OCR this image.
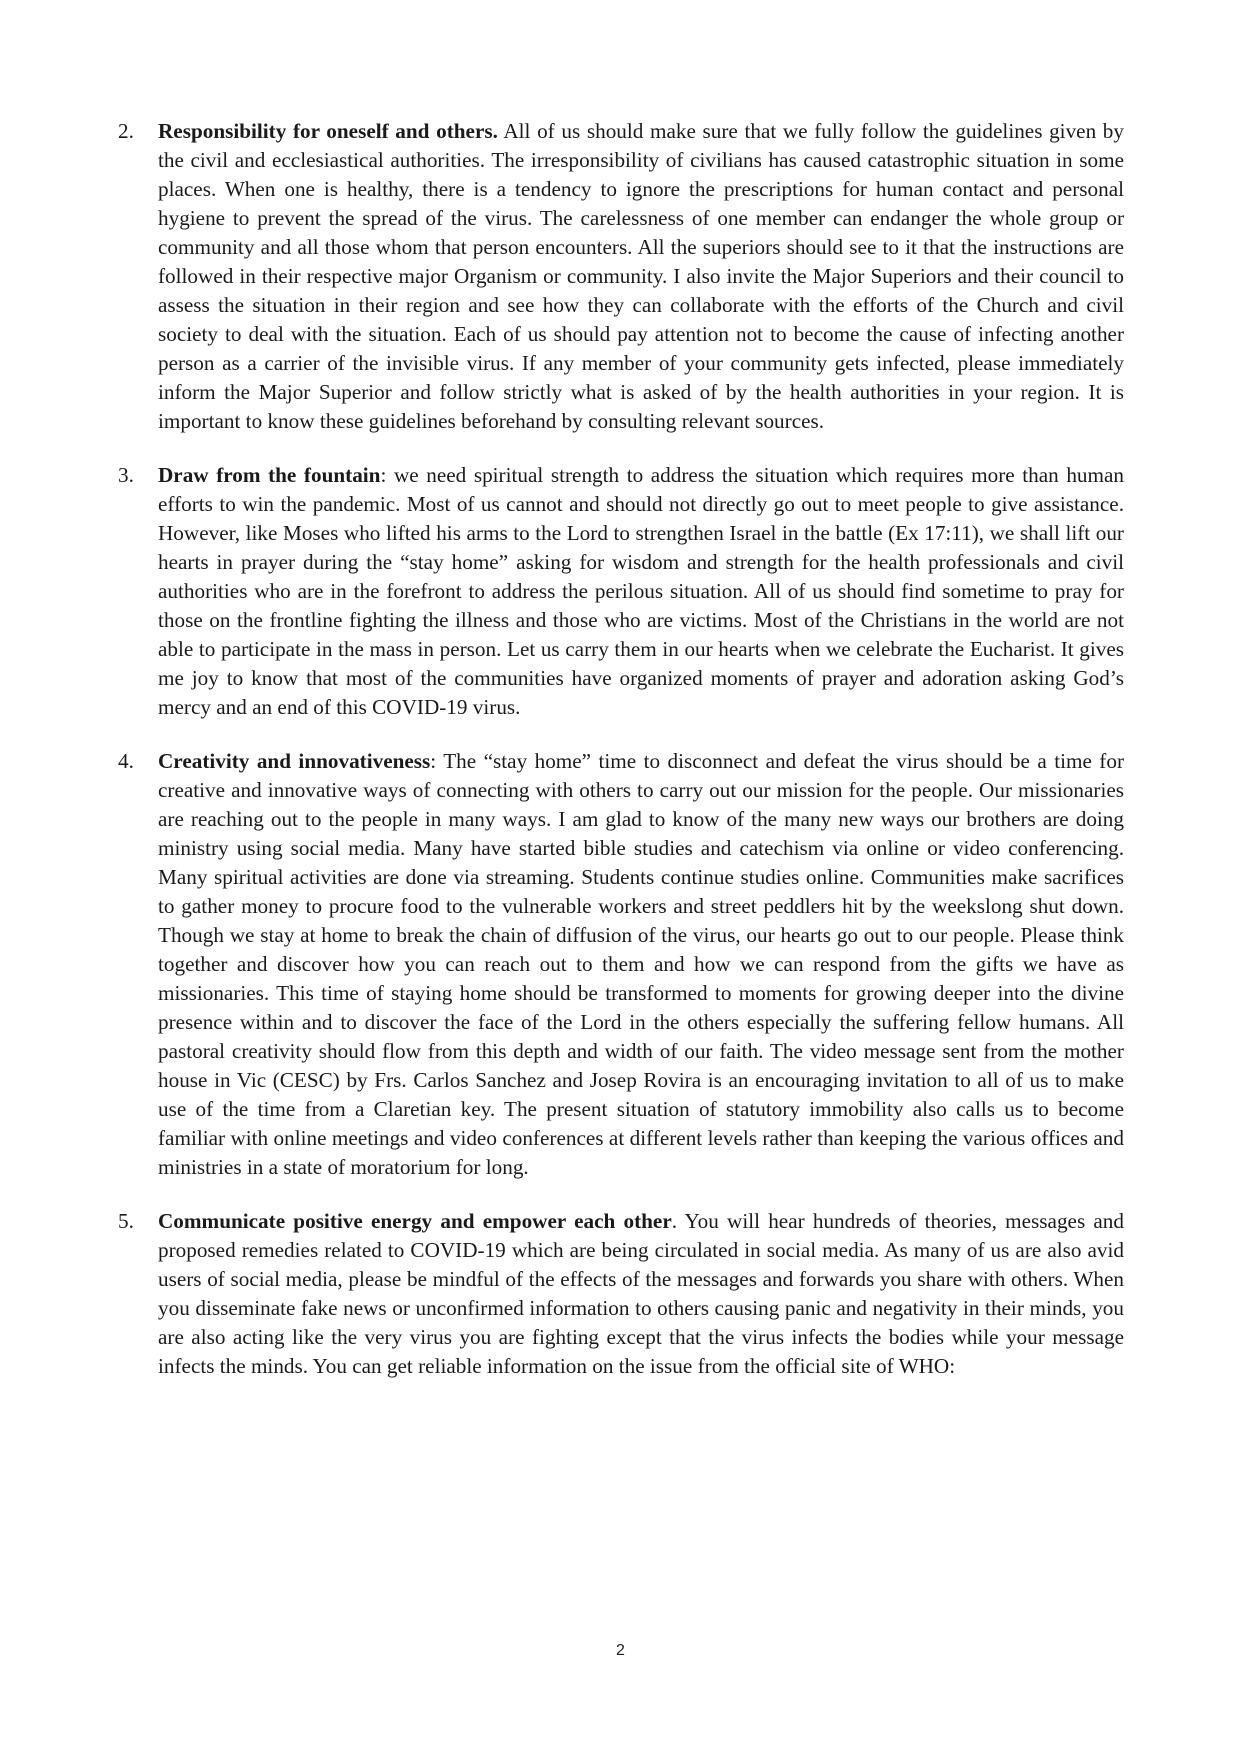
2. Responsibility for oneself and others. All of us should make sure that we fully follow the guidelines given by the civil and ecclesiastical authorities. The irresponsibility of civilians has caused catastrophic situation in some places. When one is healthy, there is a tendency to ignore the prescriptions for human contact and personal hygiene to prevent the spread of the virus. The carelessness of one member can endanger the whole group or community and all those whom that person encounters. All the superiors should see to it that the instructions are followed in their respective major Organism or community. I also invite the Major Superiors and their council to assess the situation in their region and see how they can collaborate with the efforts of the Church and civil society to deal with the situation. Each of us should pay attention not to become the cause of infecting another person as a carrier of the invisible virus. If any member of your community gets infected, please immediately inform the Major Superior and follow strictly what is asked of by the health authorities in your region. It is important to know these guidelines beforehand by consulting relevant sources.
3. Draw from the fountain: we need spiritual strength to address the situation which requires more than human efforts to win the pandemic. Most of us cannot and should not directly go out to meet people to give assistance. However, like Moses who lifted his arms to the Lord to strengthen Israel in the battle (Ex 17:11), we shall lift our hearts in prayer during the “stay home” asking for wisdom and strength for the health professionals and civil authorities who are in the forefront to address the perilous situation. All of us should find sometime to pray for those on the frontline fighting the illness and those who are victims. Most of the Christians in the world are not able to participate in the mass in person. Let us carry them in our hearts when we celebrate the Eucharist. It gives me joy to know that most of the communities have organized moments of prayer and adoration asking God’s mercy and an end of this COVID-19 virus.
4. Creativity and innovativeness: The “stay home” time to disconnect and defeat the virus should be a time for creative and innovative ways of connecting with others to carry out our mission for the people. Our missionaries are reaching out to the people in many ways. I am glad to know of the many new ways our brothers are doing ministry using social media. Many have started bible studies and catechism via online or video conferencing. Many spiritual activities are done via streaming. Students continue studies online. Communities make sacrifices to gather money to procure food to the vulnerable workers and street peddlers hit by the weekslong shut down. Though we stay at home to break the chain of diffusion of the virus, our hearts go out to our people. Please think together and discover how you can reach out to them and how we can respond from the gifts we have as missionaries. This time of staying home should be transformed to moments for growing deeper into the divine presence within and to discover the face of the Lord in the others especially the suffering fellow humans. All pastoral creativity should flow from this depth and width of our faith. The video message sent from the mother house in Vic (CESC) by Frs. Carlos Sanchez and Josep Rovira is an encouraging invitation to all of us to make use of the time from a Claretian key. The present situation of statutory immobility also calls us to become familiar with online meetings and video conferences at different levels rather than keeping the various offices and ministries in a state of moratorium for long.
5. Communicate positive energy and empower each other. You will hear hundreds of theories, messages and proposed remedies related to COVID-19 which are being circulated in social media. As many of us are also avid users of social media, please be mindful of the effects of the messages and forwards you share with others. When you disseminate fake news or unconfirmed information to others causing panic and negativity in their minds, you are also acting like the very virus you are fighting except that the virus infects the bodies while your message infects the minds. You can get reliable information on the issue from the official site of WHO:
2
